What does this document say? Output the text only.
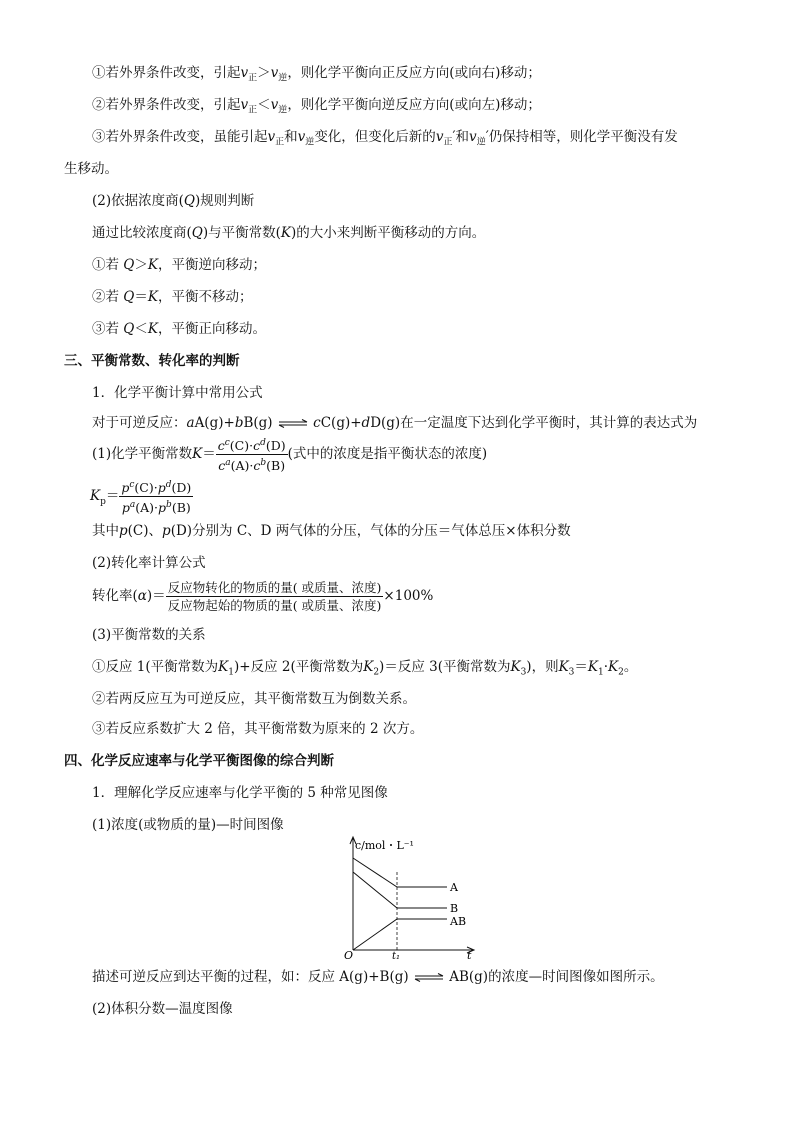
①若外界条件改变，引起$v_正>v_逆$，则化学平衡向正反应方向(或向右)移动；
②若外界条件改变，引起$v_正<v_逆$，则化学平衡向逆反应方向(或向左)移动；
③若外界条件改变，虽能引起$v_正$和$v_逆$变化，但变化后新的$v_正'$和$v_逆'$仍保持相等，则化学平衡没有发
生移动。
(2)依据浓度商(Q)规则判断
通过比较浓度商(Q)与平衡常数(K)的大小来判断平衡移动的方向。
①若 Q＞K，平衡逆向移动；
②若 Q＝K，平衡不移动；
③若 Q＜K，平衡正向移动。
三、平衡常数、转化率的判断
1．化学平衡计算中常用公式
对于可逆反应：aA(g)+bB(g) ⇌ cC(g)+dD(g)在一定温度下达到化学平衡时，其计算的表达式为
(1)化学平衡常数$K= \frac{c^c(C)\cdot c^d(D)}{c^a(A)\cdot c^b(B)}$ (式中的浓度是指平衡状态的浓度)
$K_p= \frac{p^c(C)\cdot p^d(D)}{p^a(A)\cdot p^b(B)}$
其中p(C)、p(D)分别为 C、D 两气体的分压，气体的分压＝气体总压×体积分数
(2)转化率计算公式
转化率$(\alpha)= \frac{\text{反应物转化的物质的量( 或质量、浓度)}}{\text{反应物起始的物质的量( 或质量、浓度)}} \times 100\%$
(3)平衡常数的关系
①反应 1(平衡常数为$K_1)+$反应 2(平衡常数为$K_2)=$反应 3(平衡常数为$K_3$)，则$K_3=K_1\cdot K_2$。
②若两反应互为可逆反应，其平衡常数互为倒数关系。
③若反应系数扩大 2 倍，其平衡常数为原来的 2 次方。
四、化学反应速率与化学平衡图像的综合判断
1．理解化学反应速率与化学平衡的 5 种常见图像
(1)浓度(或物质的量)—时间图像
c/mol・L⁻¹
A
B
AB
O	t₁	t
描述可逆反应到达平衡的过程，如：反应 A(g)+B(g) ⇌ AB(g)的浓度—时间图像如图所示。
(2)体积分数—温度图像
